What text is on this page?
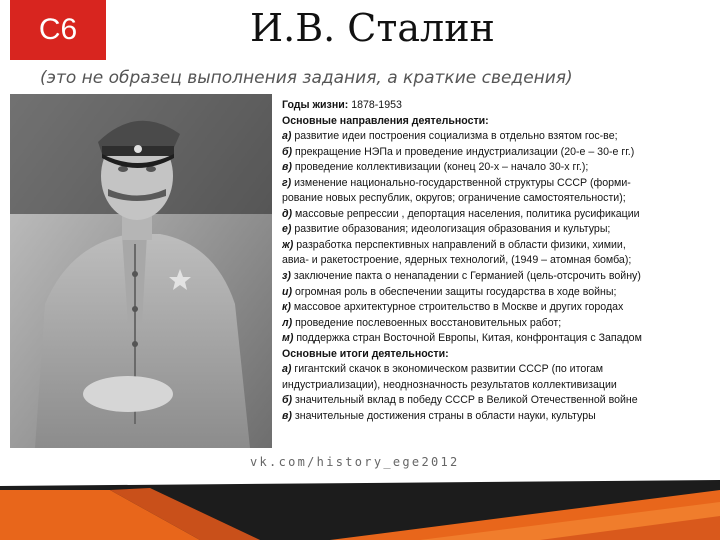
С6	И.В. Сталин
(это не образец выполнения задания, а краткие сведения)
Годы жизни: 1878-1953
Основные направления деятельности:
а) развитие идеи построения социализма в отдельно взятом гос-ве;
б) прекращение НЭПа и проведение индустриализации (20-е – 30-е гг.)
в) проведение коллективизации (конец 20-х – начало 30-х гг.);
г) изменение национально-государственной структуры СССР (форми-
рование новых республик, округов; ограничение самостоятельности);
д) массовые репрессии , депортация населения, политика русификации
е) развитие образования; идеологизация образования и культуры;
ж) разработка перспективных направлений в области физики, химии,
авиа- и ракетостроение, ядерных технологий, (1949 – атомная бомба);
з) заключение пакта о ненападении с Германией (цель-отсрочить войну)
и) огромная роль в обеспечении защиты государства в ходе войны;
к) массовое архитектурное строительство в Москве и других городах
л) проведение послевоенных восстановительных работ;
м) поддержка стран Восточной Европы, Китая, конфронтация с Западом
Основные итоги деятельности:
а) гигантский скачок в экономическом развитии СССР (по итогам
индустриализации), неоднозначность результатов коллективизации
б) значительный вклад в победу СССР в Великой Отечественной войне
в) значительные достижения страны в области науки, культуры
vk.com/history_ege2012
